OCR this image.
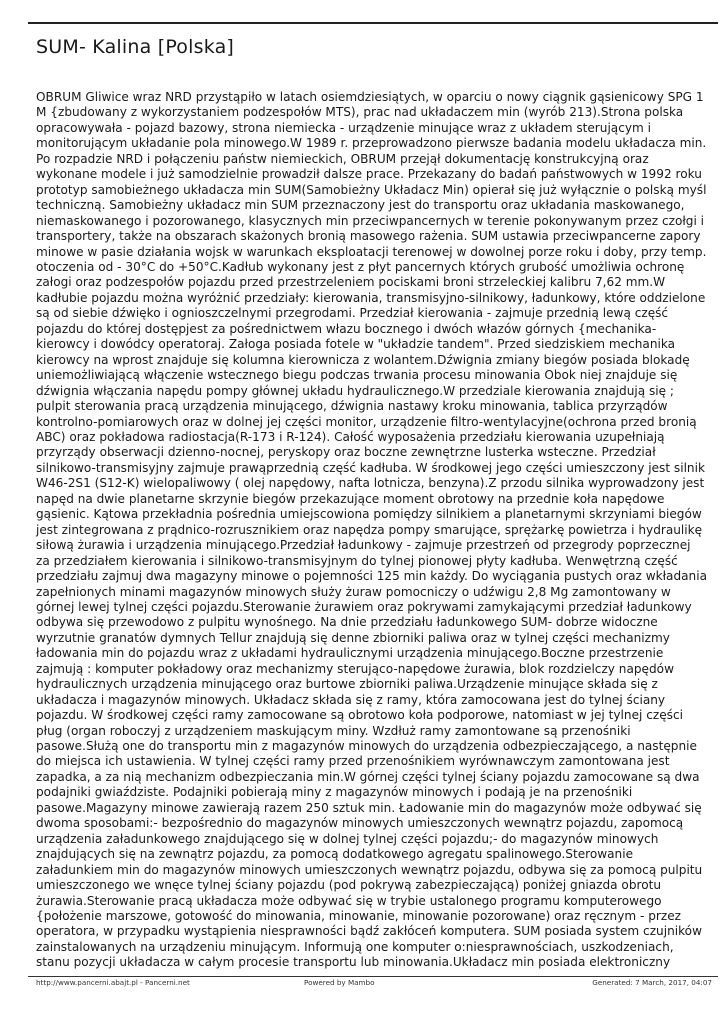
SUM- Kalina [Polska]

OBRUM Gliwice wraz NRD przystąpiło w latach osiemdziesiątych, w oparciu o nowy ciągnik gąsienicowy SPG 1 M {zbudowany z wykorzystaniem podzespołów MTS), prac nad układaczem min (wyrób 213).Strona polska opracowywała - pojazd bazowy, strona niemiecka - urządzenie minujące wraz z układem sterującym i monitorującym układanie pola minowego.W 1989 r. przeprowadzono pierwsze badania modelu układacza min. Po rozpadzie NRD i połączeniu państw niemieckich, OBRUM przejął dokumentację konstrukcyjną oraz wykonane modele i już samodzielnie prowadził dalsze prace. Przekazany do badań państwowych w 1992 roku prototyp samobieżnego układacza min SUM(Samobieżny Układacz Min) opierał się już wyłącznie o polską myśl techniczną. Samobieżny układacz min SUM przeznaczony jest do transportu oraz układania maskowanego, niemaskowanego i pozorowanego, klasycznych min przeciwpancernych w terenie pokonywanym przez czołgi i transportery, także na obszarach skażonych bronią masowego rażenia. SUM ustawia przeciwpancerne zapory minowe w pasie działania wojsk w warunkach eksploatacji terenowej w dowolnej porze roku i doby, przy temp. otoczenia od - 30°C do +50°C.Kadłub wykonany jest z płyt pancernych których grubość umożliwia ochronę załogi oraz podzespołów pojazdu przed przestrzeleniem pociskami broni strzeleckiej kalibru 7,62 mm.W kadłubie pojazdu można wyróżnić przedziały: kierowania, transmisyjno-silnikowy, ładunkowy, które oddzielone są od siebie dźwięko i ognioszczelnymi przegrodami. Przedział kierowania - zajmuje przednią lewą część pojazdu do której dostępjest za pośrednictwem włazu bocznego i dwóch włazów górnych {mechanika-kierowcy i dowódcy operatoraj. Załoga posiada fotele w "układzie tandem". Przed siedziskiem mechanika kierowcy na wprost znajduje się kolumna kierownicza z wolantem.Dźwignia zmiany biegów posiada blokadę uniemożliwiającą włączenie wstecznego biegu podczas trwania procesu minowania Obok niej znajduje się dźwignia włączania napędu pompy głównej układu hydraulicznego.W przedziale kierowania znajdują się ; pulpit sterowania pracą urządzenia minującego, dźwignia nastawy kroku minowania, tablica przyrządów kontrolno-pomiarowych oraz w dolnej jej części monitor, urządzenie filtro-wentylacyjne(ochrona przed bronią ABC) oraz pokładowa radiostacja(R-173 i R-124). Całość wyposażenia przedziału kierowania uzupełniają przyrządy obserwacji dzienno-nocnej, peryskopy oraz boczne zewnętrzne lusterka wsteczne. Przedział silnikowo-transmisyjny zajmuje prawąprzednią część kadłuba. W środkowej jego części umieszczony jest silnik W46-2S1 (S12-K) wielopaliwowy ( olej napędowy, nafta lotnicza, benzyna).Z przodu silnika wyprowadzony jest napęd na dwie planetarne skrzynie biegów przekazujące moment obrotowy na przednie koła napędowe gąsienic. Kątowa przekładnia pośrednia umiejscowiona pomiędzy silnikiem a planetarnymi skrzyniami biegów jest zintegrowana z prądnico-rozrusznikiem oraz napędza pompy smarujące, sprężarkę powietrza i hydraulikę siłową żurawia i urządzenia minującego.Przedział ładunkowy - zajmuje przestrzeń od przegrody poprzecznej za przedziałem kierowania i silnikowo-transmisyjnym do tylnej pionowej płyty kadłuba. Wenwętrzną część przedziału zajmuj dwa magazyny minowe o pojemności 125 min każdy. Do wyciągania pustych oraz wkładania zapełnionych minami magazynów minowych służy żuraw pomocniczy o udźwigu 2,8 Mg zamontowany w górnej lewej tylnej części pojazdu.Sterowanie żurawiem oraz pokrywami zamykającymi przedział ładunkowy odbywa się przewodowo z pulpitu wynośnego. Na dnie przedziału ładunkowego SUM- dobrze widoczne wyrzutnie granatów dymnych Tellur znajdują się denne zbiorniki paliwa oraz w tylnej części mechanizmy ładowania min do pojazdu wraz z układami hydraulicznymi urządzenia minującego.Boczne przestrzenie zajmują : komputer pokładowy oraz mechanizmy sterująco-napędowe żurawia, blok rozdzielczy napędów hydraulicznych urządzenia minującego oraz burtowe zbiorniki paliwa.Urządzenie minujące składa się z układacza i magazynów minowych. Układacz składa się z ramy, która zamocowana jest do tylnej ściany pojazdu. W środkowej części ramy zamocowane są obrotowo koła podporowe, natomiast w jej tylnej części pług (organ roboczyj z urządzeniem maskującym miny. Wzdłuż ramy zamontowane są przenośniki pasowe.Służą one do transportu min z magazynów minowych do urządzenia odbezpieczającego, a następnie do miejsca ich ustawienia. W tylnej części ramy przed przenośnikiem wyrównawczym zamontowana jest zapadka, a za nią mechanizm odbezpieczania min.W górnej części tylnej ściany pojazdu zamocowane są dwa podajniki gwiaździste. Podajniki pobierają miny z magazynów minowych i podają je na przenośniki pasowe.Magazyny minowe zawierają razem 250 sztuk min. Ładowanie min do magazynów może odbywać się dwoma sposobami:- bezpośrednio do magazynów minowych umieszczonych wewnątrz pojazdu, zapomocą urządzenia załadunkowego znajdującego się w dolnej tylnej części pojazdu;- do magazynów minowych znajdujących się na zewnątrz pojazdu, za pomocą dodatkowego agregatu spalinowego.Sterowanie załadunkiem min do magazynów minowych umieszczonych wewnątrz pojazdu, odbywa się za pomocą pulpitu umieszczonego we wnęce tylnej ściany pojazdu (pod pokrywą zabezpieczającą) poniżej gniazda obrotu żurawia.Sterowanie pracą układacza może odbywać się w trybie ustalonego programu komputerowego {położenie marszowe, gotowość do minowania, minowanie, minowanie pozorowane) oraz ręcznym - przez operatora, w przypadku wystąpienia niesprawności bądź zakłóceń komputera. SUM posiada system czujników zainstalowanych na urządzeniu minującym. Informują one komputer o:niesprawnościach, uszkodzeniach, stanu pozycji układacza w całym procesie transportu lub minowania.Układacz min posiada elektroniczny

http://www.pancerni.abajt.pl - Pancerni.net	Powered by Mambo	Generated: 7 March, 2017, 04:07
